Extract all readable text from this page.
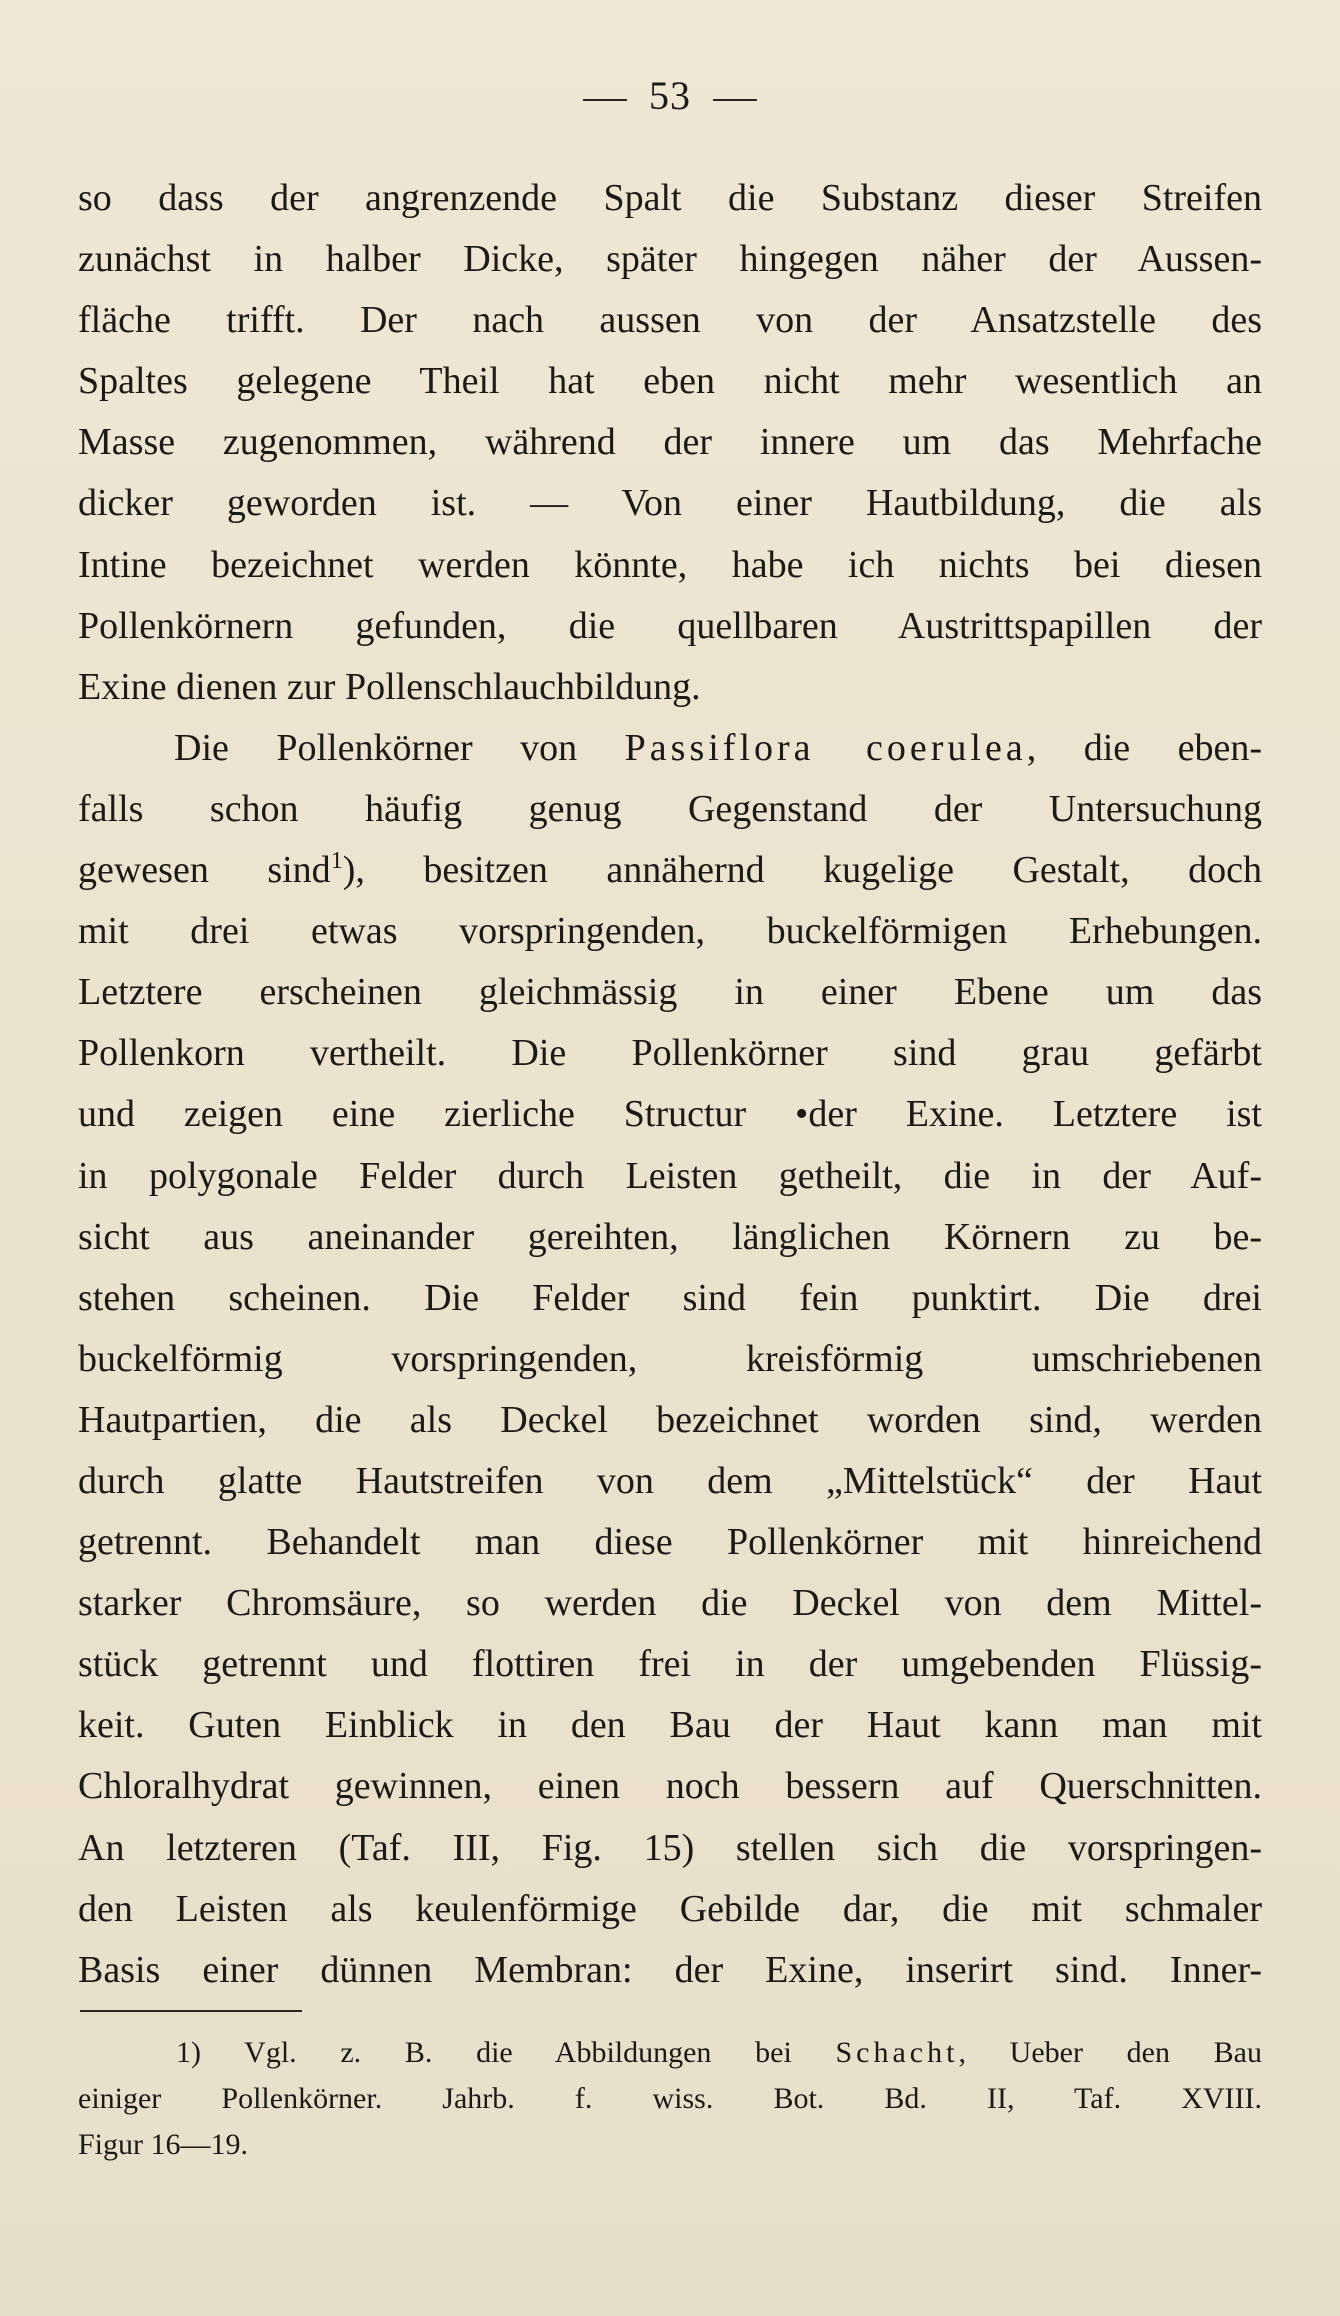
53
so dass der angrenzende Spalt die Substanz dieser Streifen
zunächst in halber Dicke, später hingegen näher der Aussen-
fläche trifft. Der nach aussen von der Ansatzstelle des
Spaltes gelegene Theil hat eben nicht mehr wesentlich an
Masse zugenommen, während der innere um das Mehrfache
dicker geworden ist. — Von einer Hautbildung, die als
Intine bezeichnet werden könnte, habe ich nichts bei diesen
Pollenkörnern gefunden, die quellbaren Austrittspapillen der
Exine dienen zur Pollenschlauchbildung.
Die Pollenkörner von Passiflora coerulea, die eben-
falls schon häufig genug Gegenstand der Untersuchung
gewesen sind$^1$), besitzen annähernd kugelige Gestalt, doch
mit drei etwas vorspringenden, buckelförmigen Erhebungen.
Letztere erscheinen gleichmässig in einer Ebene um das
Pollenkorn vertheilt. Die Pollenkörner sind grau gefärbt
und zeigen eine zierliche Structur •der Exine. Letztere ist
in polygonale Felder durch Leisten getheilt, die in der Auf-
sicht aus aneinander gereihten, länglichen Körnern zu be-
stehen scheinen. Die Felder sind fein punktirt. Die drei
buckelförmig vorspringenden, kreisförmig umschriebenen
Hautpartien, die als Deckel bezeichnet worden sind, werden
durch glatte Hautstreifen von dem „Mittelstück“ der Haut
getrennt. Behandelt man diese Pollenkörner mit hinreichend
starker Chromsäure, so werden die Deckel von dem Mittel-
stück getrennt und flottiren frei in der umgebenden Flüssig-
keit. Guten Einblick in den Bau der Haut kann man mit
Chloralhydrat gewinnen, einen noch bessern auf Querschnitten.
An letzteren (Taf. III, Fig. 15) stellen sich die vorspringen-
den Leisten als keulenförmige Gebilde dar, die mit schmaler
Basis einer dünnen Membran: der Exine, inserirt sind. Inner-
1) Vgl. z. B. die Abbildungen bei Schacht, Ueber den Bau
einiger Pollenkörner. Jahrb. f. wiss. Bot. Bd. II, Taf. XVIII.
Figur 16—19.
